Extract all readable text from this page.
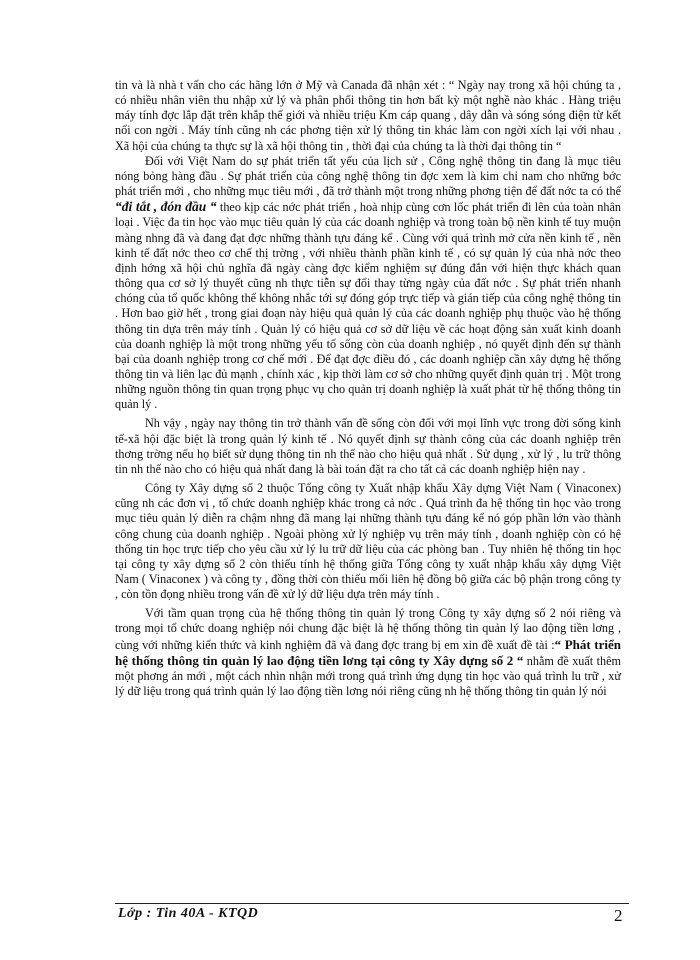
tin và là nhà t vấn cho các hãng lớn ở Mỹ và Canada đã nhận xét : “ Ngày nay trong xã hội chúng ta , có nhiều nhân viên thu nhập xử lý và phân phối thông tin hơn bất kỳ một nghề nào khác . Hàng triệu máy tính đợc lắp đặt trên khắp thế giới và nhiều triệu Km cáp quang , dây dẫn và sóng sóng điện từ kết nối con ngời . Máy tính cũng nh các phơng tiện xử lý thông tin khác làm con ngời xích lại với nhau . Xã hội của chúng ta thực sự là xã hội thông tin , thời đại của chúng ta là thời đại thông tin “

Đối với Việt Nam do sự phát triển tất yếu của lịch sử , Công nghệ thông tin đang là mục tiêu nóng bỏng hàng đầu . Sự phát triển của công nghệ thông tin đợc xem là kim chỉ nam cho những bớc phát triển mới , cho những mục tiêu mới , đã trở thành một trong những phơng tiện để đất nớc ta có thể “đi tắt , đón đầu “ theo kịp các nớc phát triển , hoà nhịp cùng cơn lốc phát triển đi lên của toàn nhân loại . Việc đa tin học vào mục tiêu quản lý của các doanh nghiệp và trong toàn bộ nền kinh tế tuy muộn màng nhng đã và đang đạt đợc những thành tựu đáng kể . Cùng với quá trình mở cửa nền kinh tế , nền kinh tế đất nớc theo cơ chế thị trờng , với nhiều thành phần kinh tế , có sự quản lý của nhà nớc theo định hớng xã hội chủ nghĩa đã ngày càng đợc kiểm nghiệm sự đúng đắn với hiện thực khách quan thông qua cơ sở lý thuyết cũng nh thực tiễn sự đổi thay từng ngày của đất nớc . Sự phát triển nhanh chóng của tổ quốc không thể không nhắc tới sự đóng góp trực tiếp và gián tiếp của công nghệ thông tin . Hơn bao giờ hết , trong giai đoạn này hiệu quả quản lý của các doanh nghiệp phụ thuộc vào hệ thống thông tin dựa trên máy tính . Quản lý có hiệu quả cơ sở dữ liệu về các hoạt động sản xuất kinh doanh của doanh nghiệp là một trong những yếu tố sống còn của doanh nghiệp , nó quyết định đến sự thành bại của doanh nghiệp trong cơ chế mới . Để đạt đợc điều đó , các doanh nghiệp cần xây dựng hệ thống thông tin và liên lạc đủ mạnh , chính xác , kịp thời làm cơ sở cho những quyết định quản trị . Một trong những nguồn thông tin quan trọng phục vụ cho quản trị doanh nghiệp là xuất phát từ hệ thống thông tin quản lý .

Nh vậy , ngày nay thông tin trở thành vấn đề sống còn đối với mọi lĩnh vực trong đời sống kinh tế-xã hội đặc biệt là trong quản lý kinh tế . Nó quyết định sự thành công của các doanh nghiệp trên thơng trờng nếu họ biết sử dụng thông tin nh thế nào cho hiệu quả nhất . Sử dụng , xử lý , lu trữ thông tin nh thế nào cho có hiệu quả nhất đang là bài toán đặt ra cho tất cả các doanh nghiệp hiện nay .

Công ty Xây dựng số 2 thuộc Tổng công ty Xuất nhập khẩu Xây dựng Việt Nam ( Vinaconex) cũng nh các đơn vị , tổ chức doanh nghiệp khác trong cả nớc . Quá trình đa hệ thống tin học vào trong mục tiêu quản lý diễn ra chậm nhng đã mang lại những thành tựu đáng kể nó góp phần lớn vào thành công chung của doanh nghiệp . Ngoài phòng xử lý nghiệp vụ trên máy tính , doanh nghiệp còn có hệ thống tin học trực tiếp cho yêu cầu xử lý lu trữ dữ liệu của các phòng ban . Tuy nhiên hệ thống tin học tại công ty xây dựng số 2 còn thiếu tính hệ thống giữa Tổng công ty xuất nhập khẩu xây dựng Việt Nam ( Vinaconex ) và công ty , đồng thời còn thiếu mối liên hệ đồng bộ giữa các bộ phận trong công ty , còn tồn đọng nhiều trong vấn đề xử lý dữ liệu dựa trên máy tính .

Với tầm quan trọng của hệ thống thông tin quản lý trong Công ty xây dựng số 2 nói riêng và trong mọi tổ chức doang nghiệp nói chung đặc biệt là hệ thống thông tin quản lý lao động tiền lơng , cùng với những kiến thức và kinh nghiệm đã và đang đợc trang bị em xin đề xuất đề tài :“ Phát triển hệ thống thông tin quản lý lao động tiền lơng tại công ty Xây dựng số 2 “ nhằm đề xuất thêm một phơng án mới , một cách nhìn nhận mới trong quá trình ứng dụng tin học vào quá trình lu trữ , xử lý dữ liệu trong quá trình quản lý lao động tiền lơng nói riêng cũng nh hệ thống thông tin quản lý nói

Lớp : Tin 40A - KTQD	2
